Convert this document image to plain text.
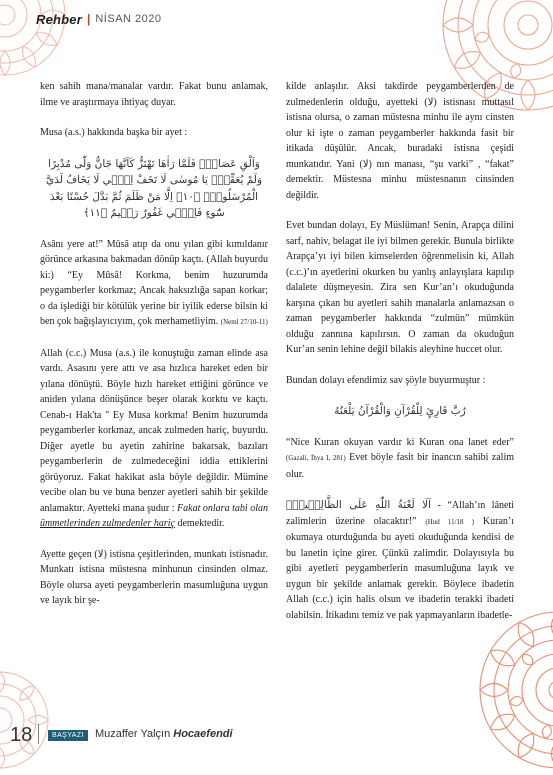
Rehber | NİSAN 2020

ken sahih mana/manalar vardır. Fakat bunu anlamak, ilme ve araştırmaya ihtiyaç duyar.

Musa (a.s.) hakkında başka bir ayet :

وَاَلْقِ عَصَاكَۜ فَلَمَّا رَاٰهَا تَهْتَزُّ كَاَنَّهَا جَٓانٌّ وَلّٰى مُدْبِرًا وَلَمْ يُعَقِّبْۜ يَا مُوسٰى لَا تَخَفْ اِنّ۪ي لَا يَخَافُ لَدَيَّ الْمُرْسَلُونَۗ ﴿١٠﴾ اِلَّا مَنْ ظَلَمَ ثُمَّ بَدَّلَ حُسْنًا بَعْدَ سُٓوءٍ فَاِنّ۪ي غَفُورٌ رَح۪يمٌ ﴿١١﴾

Asânı yere at!” Mûsâ atıp da onu yılan gibi kımıldanır görünce arkasına bakmadan dönüp kaçtı. (Allah buyurdu ki:) “Ey Mûsâ! Korkma, benim huzurumda peygamberler korkmaz; Ancak haksızlığa sapan korkar; o da işlediği bir kötülük yerine bir iyilik ederse bilsin ki ben çok bağışlayıcıyım, çok merhametliyim. (Neml 27/10-11)

Allah (c.c.) Musa (a.s.) ile konuştuğu zaman elinde asa vardı. Asasını yere attı ve asa hızlıca hareket eden bir yılana dönüştü. Böyle hızlı hareket ettiğini görünce ve aniden yılana dönüşünce beşer olarak korktu ve kaçtı. Cenab-ı Hak'ta '' Ey Musa korkma! Benim huzurumda peygamberler korkmaz, ancak zulmeden hariç, buyurdu. Diğer ayetle bu ayetin zahirine bakarsak, bazıları peygamberlerin de zulmedeceğini iddia ettiklerini görüyoruz. Fakat hakikat asla böyle değildir. Mümine vecibe olan bu ve buna benzer ayetleri sahih bir şekilde anlamaktır. Ayetteki mana şudur : Fakat onlara tabi olan ümmetlerinden zulmedenler hariç demektedir.

Ayette geçen (لا) istisna çeşitlerinden, munkatı istisnadır. Munkatı istisna müstesna minhunun cinsinden olmaz. Böyle olursa ayeti peygamberlerin masumluğuna uygun ve layık bir şe-

kilde anlaşılır. Aksi takdirde peygamberlerden de zulmedenlerin olduğu, ayetteki (لا) istisnası muttasıl istisna olursa, o zaman müstesna minhu ile aynı cinsten olur ki işte o zaman peygamberler hakkında fasit bir itikada düşülür. Ancak, buradaki istisna çeşidi munkatıdır. Yani (لا) nın manası, “şu varki” , “fakat” demektir. Müstesna minhu müstesnanın cinsinden değildir.

Evet bundan dolayı, Ey Müslüman! Senin, Arapça dilini sarf, nahiv, belagat ile iyi bilmen gerekir. Bunula birlikte Arapça’yı iyi bilen kimselerden öğrenmelisin ki, Allah (c.c.)’ın ayetlerini okurken bu yanlış anlayışlara kapılıp dalalete düşmeyesin. Zira sen Kur’an’ı okuduğunda karşına çıkan bu ayetleri sahih manalarla anlamazsan o zaman peygamberler hakkında “zulmün” mümkün olduğu zannına kapılırsın. O zaman da okuduğun Kur’an senin lehine değil bilakis aleyhine huccet olur.

Bundan dolayı efendimiz sav şöyle buyurmuştur :

رُبَّ قَارِئٍ لِلْقُرْآنِ وَالْقُرْآنُ يَلْعَنُهُ

“Nice Kuran okuyan vardır ki Kuran ona lanet eder” (Gazali, İhya I, 281) Evet böyle fasit bir inancın sahibi zalim olur.

اَلَا لَعْنَةُ اللّٰهِ عَلَى الظَّالِم۪ينَۙ - “Allah’ın lâneti zalimlerin üzerine olacaktır!” (Hud 11/18 ) Kuran’ı okumaya oturduğunda bu ayeti okuduğunda kendisi de bu lanetin içine girer. Çünkü zalimdir. Dolayısıyla bu gibi ayetleri peygamberlerin masumluğuna layık ve uygun bir şekilde anlamak gerekir. Böylece ibadetin Allah (c.c.) için halis olsun ve ibadetin terakki ibadeti olabilsin. İtikadını temiz ve pak yapmayanların ibadetle-

18	BAŞYAZI	Muzaffer Yalçın Hocaefendi
